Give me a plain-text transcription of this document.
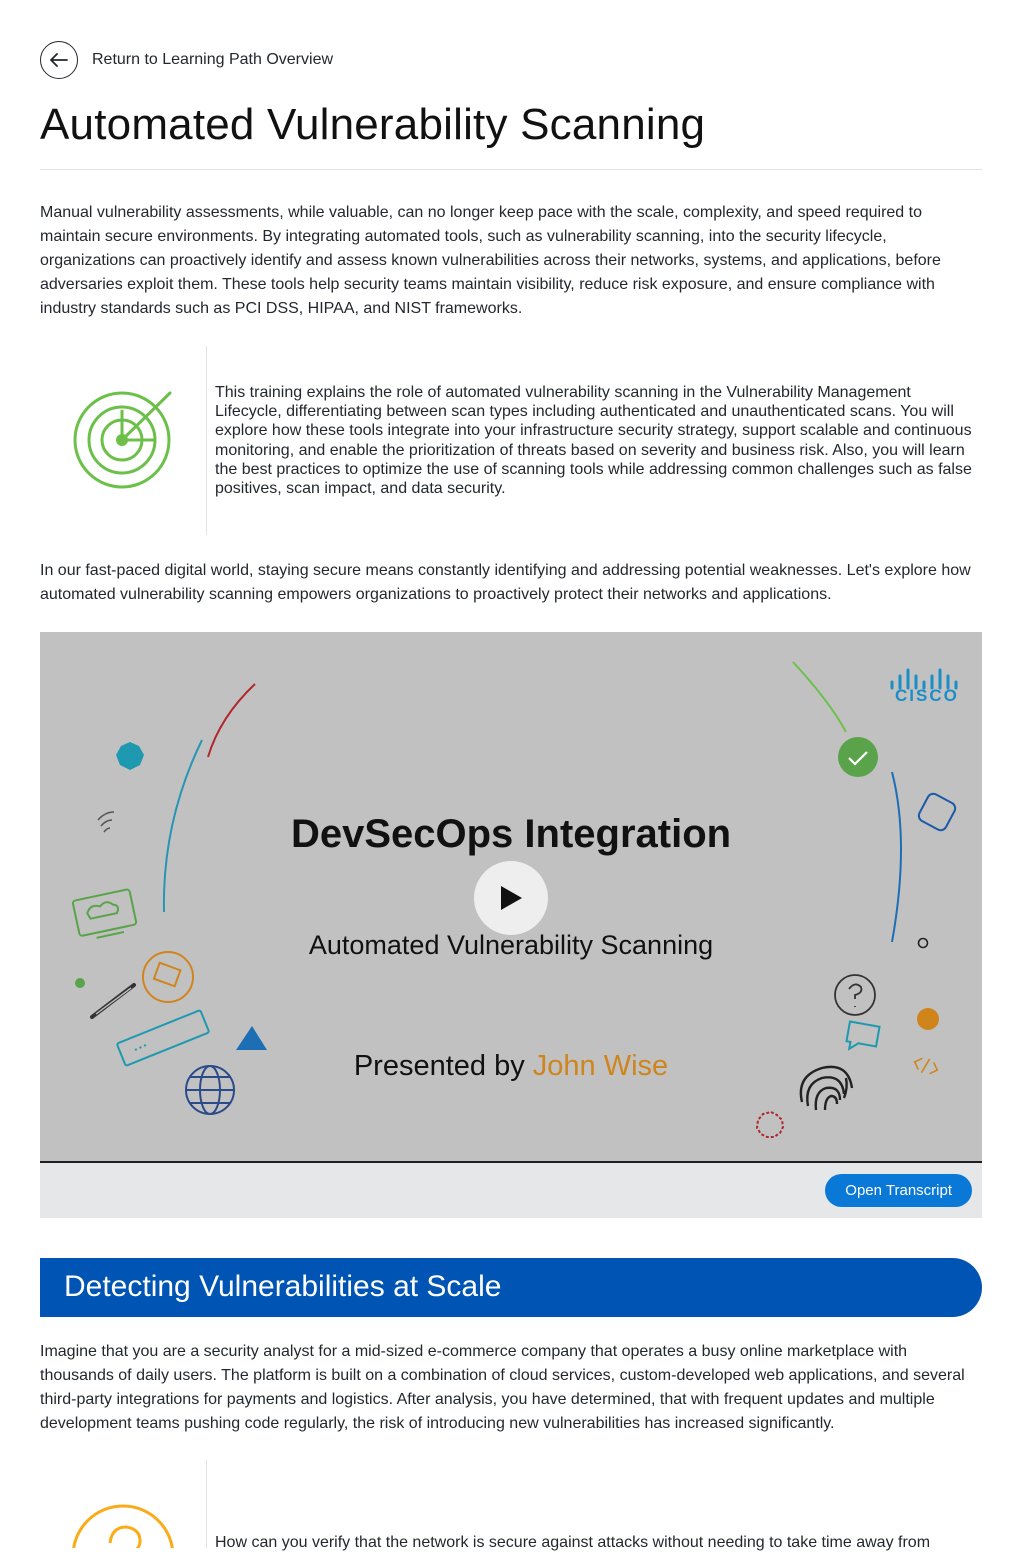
Return to Learning Path Overview
Automated Vulnerability Scanning

Manual vulnerability assessments, while valuable, can no longer keep pace with the scale, complexity, and speed required to maintain secure environments. By integrating automated tools, such as vulnerability scanning, into the security lifecycle, organizations can proactively identify and assess known vulnerabilities across their networks, systems, and applications, before adversaries exploit them. These tools help security teams maintain visibility, reduce risk exposure, and ensure compliance with industry standards such as PCI DSS, HIPAA, and NIST frameworks.

This training explains the role of automated vulnerability scanning in the Vulnerability Management Lifecycle, differentiating between scan types including authenticated and unauthenticated scans. You will explore how these tools integrate into your infrastructure security strategy, support scalable and continuous monitoring, and enable the prioritization of threats based on severity and business risk. Also, you will learn the best practices to optimize the use of scanning tools while addressing common challenges such as false positives, scan impact, and data security.

In our fast-paced digital world, staying secure means constantly identifying and addressing potential weaknesses. Let's explore how automated vulnerability scanning empowers organizations to proactively protect their networks and applications.

CISCO

DevSecOps Integration

Automated Vulnerability Scanning

Presented by John Wise

Open Transcript
Detecting Vulnerabilities at Scale

Imagine that you are a security analyst for a mid-sized e-commerce company that operates a busy online marketplace with thousands of daily users. The platform is built on a combination of cloud services, custom-developed web applications, and several third-party integrations for payments and logistics. After analysis, you have determined, that with frequent updates and multiple development teams pushing code regularly, the risk of introducing new vulnerabilities has increased significantly.

How can you verify that the network is secure against attacks without needing to take time away from
